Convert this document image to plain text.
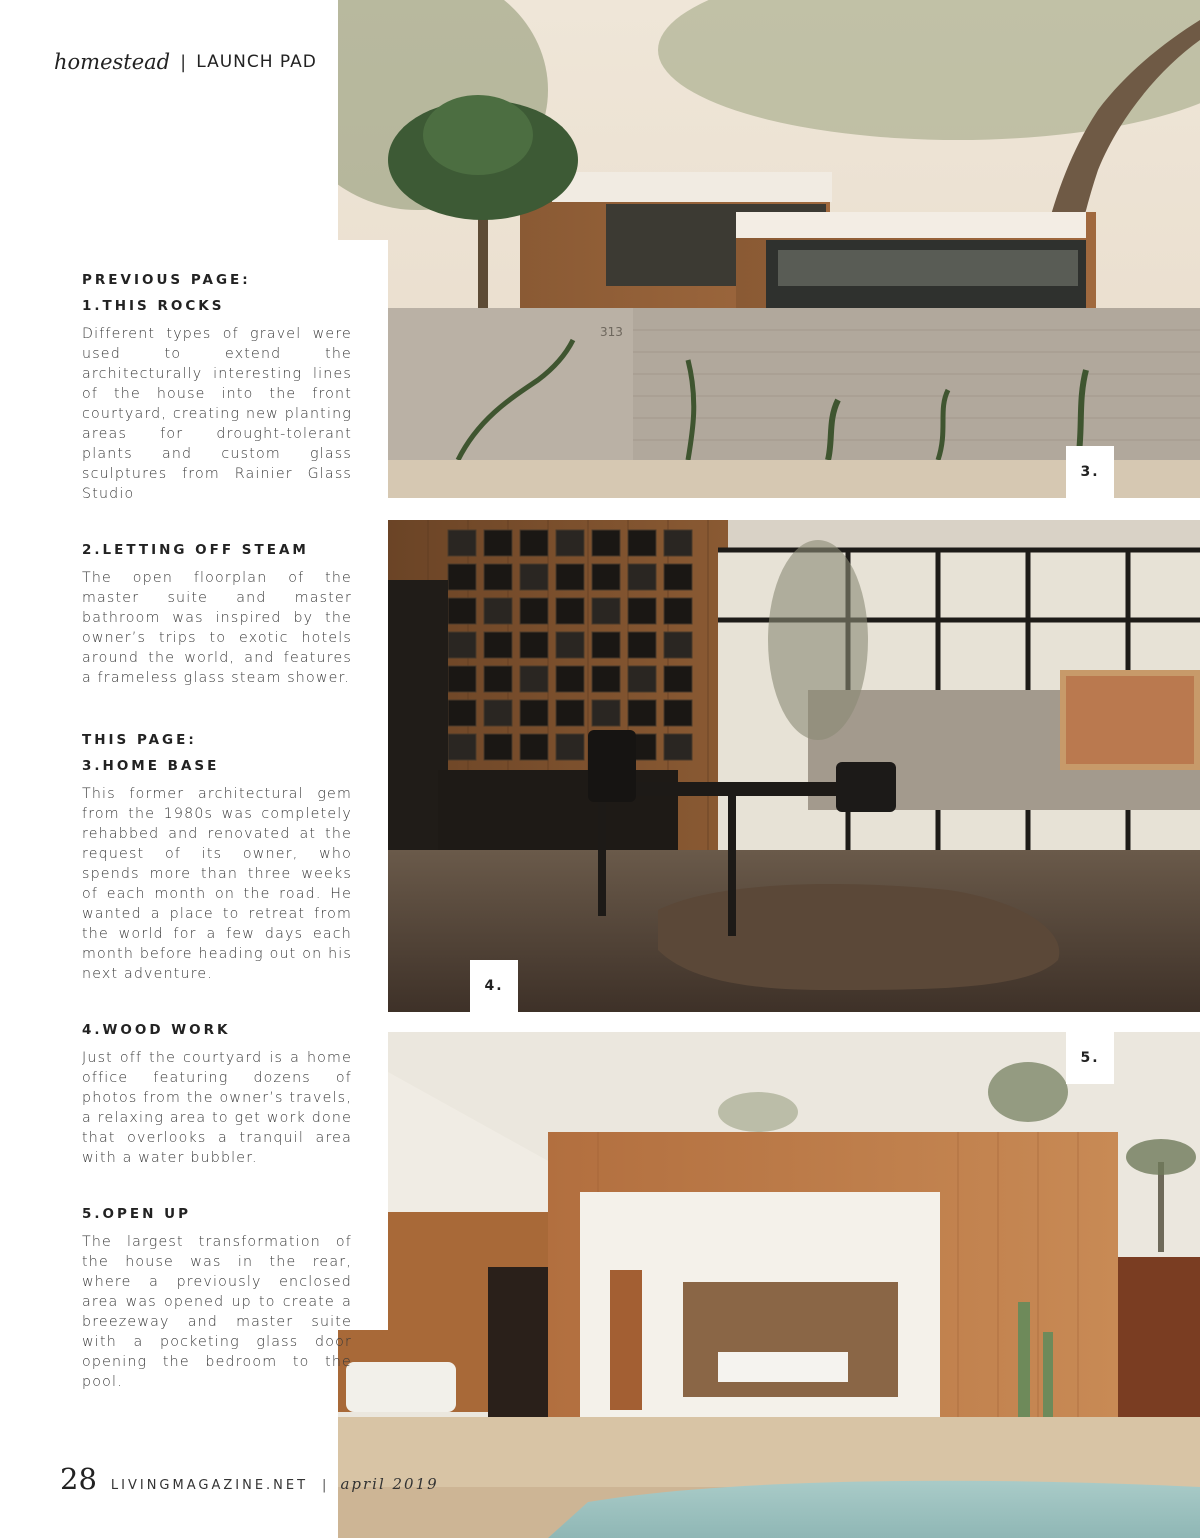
homestead | LAUNCH PAD
313
3.
4.
5.
PREVIOUS PAGE:
1.THIS ROCKS

Different types of gravel were used to extend the architecturally interesting lines of the house into the front courtyard, creating new planting areas for drought-tolerant plants and custom glass sculptures from Rainier Glass Studio

2.LETTING OFF STEAM

The open floorplan of the master suite and master bathroom was inspired by the owner’s trips to exotic hotels around the world, and features a frameless glass steam shower.

THIS PAGE:
3.HOME BASE

This former architectural gem from the 1980s was completely rehabbed and renovated at the request of its owner, who spends more than three weeks of each month on the road. He wanted a place to retreat from the world for a few days each month before heading out on his next adventure.

4.WOOD WORK

Just off the courtyard is a home office featuring dozens of photos from the owner’s travels, a relaxing area to get work done that overlooks a tranquil area with a water bubbler.

5.OPEN UP

The largest transformation of the house was in the rear, where a previously enclosed area was opened up to create a breezeway and master suite with a pocketing glass door opening the bedroom to the pool.

28 LIVINGMAGAZINE.NET | april 2019
